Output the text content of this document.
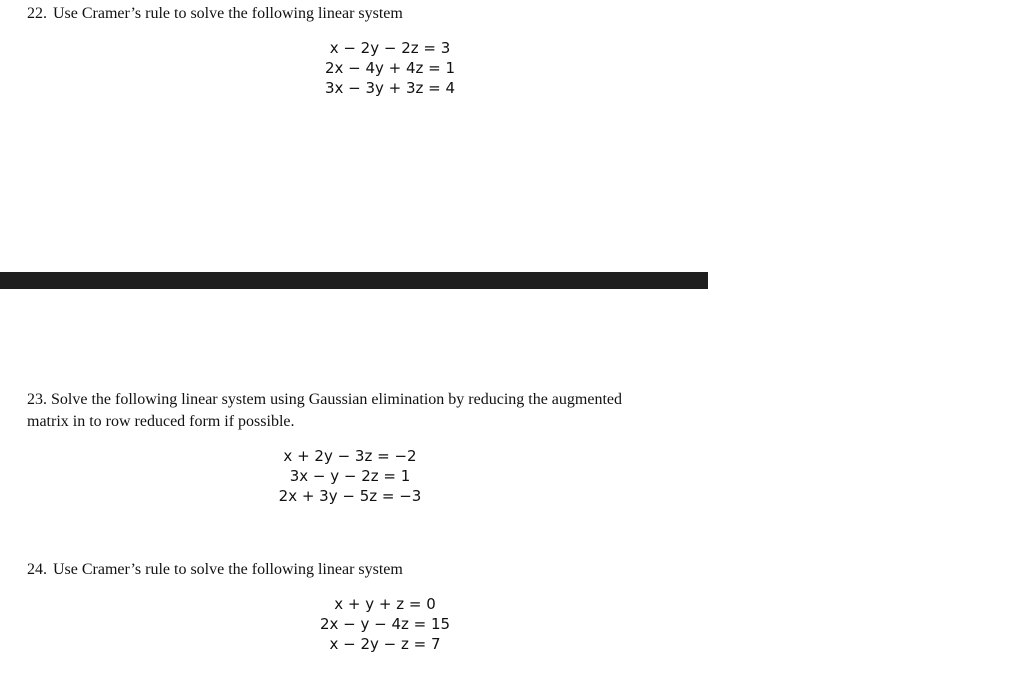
22. Use Cramer’s rule to solve the following linear system

x − 2y − 2z = 3
2x − 4y + 4z = 1
3x − 3y + 3z = 4

23. Solve the following linear system using Gaussian elimination by reducing the augmented

matrix in to row reduced form if possible.

x + 2y − 3z = −2
3x − y − 2z = 1
2x + 3y − 5z = −3

24. Use Cramer’s rule to solve the following linear system

x + y + z = 0
2x − y − 4z = 15
x − 2y − z = 7
